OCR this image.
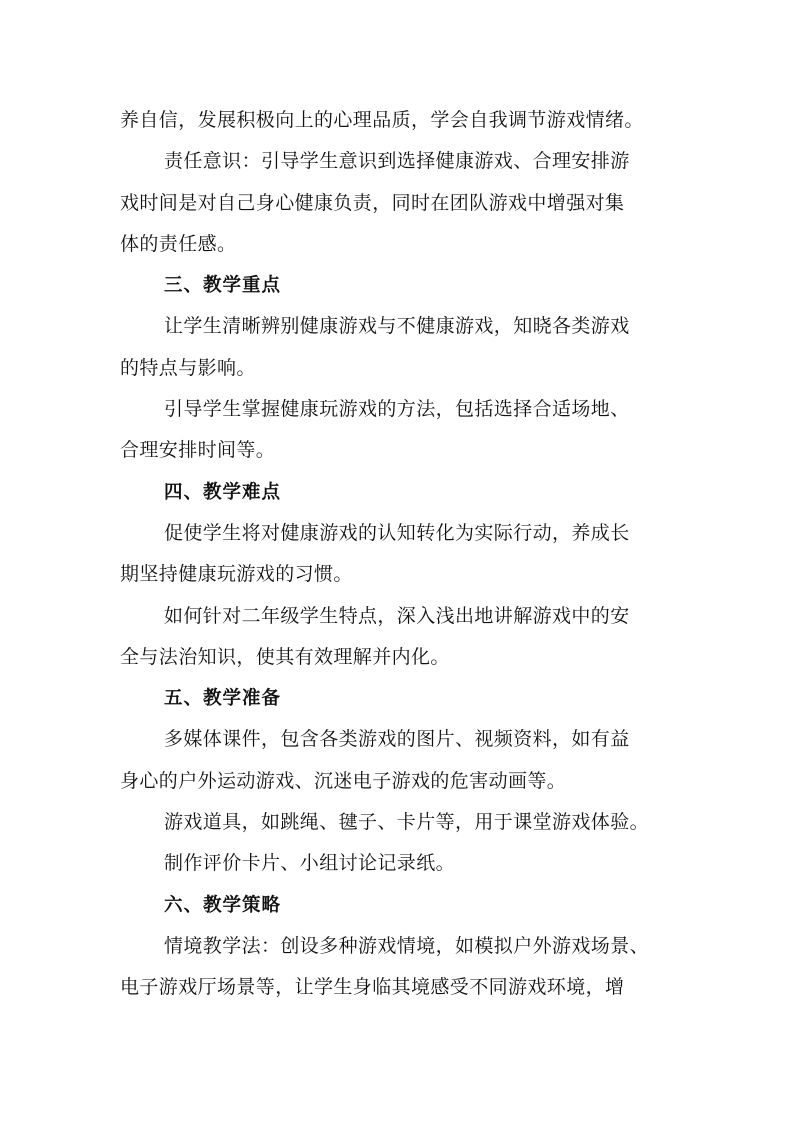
养自信，发展积极向上的心理品质，学会自我调节游戏情绪。
责任意识：引导学生意识到选择健康游戏、合理安排游
戏时间是对自己身心健康负责，同时在团队游戏中增强对集
体的责任感。
三、教学重点
让学生清晰辨别健康游戏与不健康游戏，知晓各类游戏
的特点与影响。
引导学生掌握健康玩游戏的方法，包括选择合适场地、
合理安排时间等。
四、教学难点
促使学生将对健康游戏的认知转化为实际行动，养成长
期坚持健康玩游戏的习惯。
如何针对二年级学生特点，深入浅出地讲解游戏中的安
全与法治知识，使其有效理解并内化。
五、教学准备
多媒体课件，包含各类游戏的图片、视频资料，如有益
身心的户外运动游戏、沉迷电子游戏的危害动画等。
游戏道具，如跳绳、毽子、卡片等，用于课堂游戏体验。
制作评价卡片、小组讨论记录纸。
六、教学策略
情境教学法：创设多种游戏情境，如模拟户外游戏场景、
电子游戏厅场景等，让学生身临其境感受不同游戏环境，增
